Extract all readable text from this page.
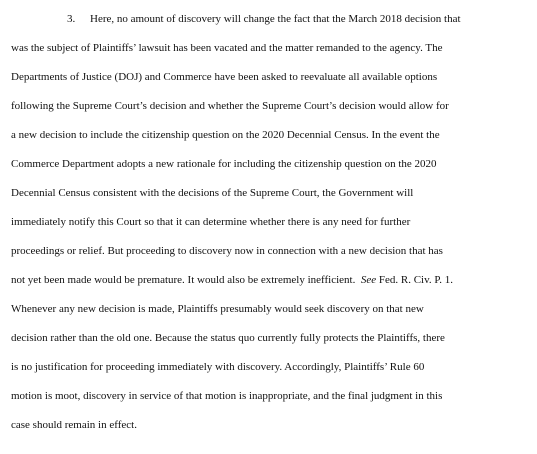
3. Here, no amount of discovery will change the fact that the March 2018 decision that
was the subject of Plaintiffs’ lawsuit has been vacated and the matter remanded to the agency. The
Departments of Justice (DOJ) and Commerce have been asked to reevaluate all available options
following the Supreme Court’s decision and whether the Supreme Court’s decision would allow for
a new decision to include the citizenship question on the 2020 Decennial Census. In the event the
Commerce Department adopts a new rationale for including the citizenship question on the 2020
Decennial Census consistent with the decisions of the Supreme Court, the Government will
immediately notify this Court so that it can determine whether there is any need for further
proceedings or relief. But proceeding to discovery now in connection with a new decision that has
not yet been made would be premature. It would also be extremely inefficient. See Fed. R. Civ. P. 1.
Whenever any new decision is made, Plaintiffs presumably would seek discovery on that new
decision rather than the old one. Because the status quo currently fully protects the Plaintiffs, there
is no justification for proceeding immediately with discovery. Accordingly, Plaintiffs’ Rule 60
motion is moot, discovery in service of that motion is inappropriate, and the final judgment in this
case should remain in effect.
